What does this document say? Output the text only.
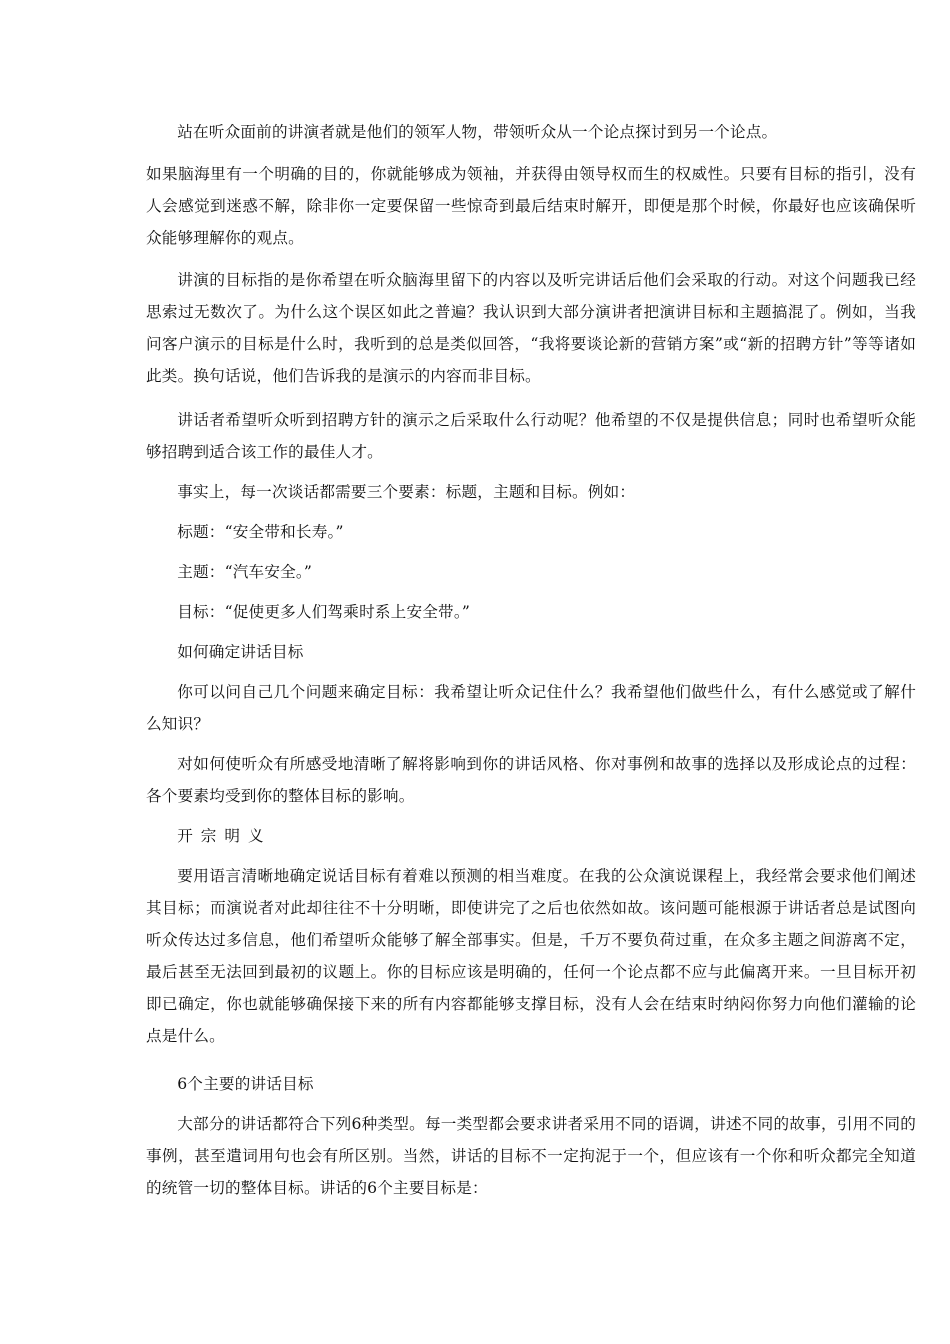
站在听众面前的讲演者就是他们的领军人物，带领听众从一个论点探讨到另一个论点。

如果脑海里有一个明确的目的，你就能够成为领袖，并获得由领导权而生的权威性。只要有目标的指引，没有人会感觉到迷惑不解，除非你一定要保留一些惊奇到最后结束时解开，即便是那个时候，你最好也应该确保听众能够理解你的观点。

讲演的目标指的是你希望在听众脑海里留下的内容以及听完讲话后他们会采取的行动。对这个问题我已经思索过无数次了。为什么这个误区如此之普遍？我认识到大部分演讲者把演讲目标和主题搞混了。例如，当我问客户演示的目标是什么时，我听到的总是类似回答，“我将要谈论新的营销方案”或“新的招聘方针”等等诸如此类。换句话说，他们告诉我的是演示的内容而非目标。

讲话者希望听众听到招聘方针的演示之后采取什么行动呢？他希望的不仅是提供信息；同时也希望听众能够招聘到适合该工作的最佳人才。

事实上，每一次谈话都需要三个要素：标题，主题和目标。例如：

标题：“安全带和长寿。”

主题：“汽车安全。”

目标：“促使更多人们驾乘时系上安全带。”

如何确定讲话目标

你可以问自己几个问题来确定目标：我希望让听众记住什么？我希望他们做些什么，有什么感觉或了解什么知识？

对如何使听众有所感受地清晰了解将影响到你的讲话风格、你对事例和故事的选择以及形成论点的过程：各个要素均受到你的整体目标的影响。

开宗明义

要用语言清晰地确定说话目标有着难以预测的相当难度。在我的公众演说课程上，我经常会要求他们阐述其目标；而演说者对此却往往不十分明晰，即使讲完了之后也依然如故。该问题可能根源于讲话者总是试图向听众传达过多信息，他们希望听众能够了解全部事实。但是，千万不要负荷过重，在众多主题之间游离不定，最后甚至无法回到最初的议题上。你的目标应该是明确的，任何一个论点都不应与此偏离开来。一旦目标开初即已确定，你也就能够确保接下来的所有内容都能够支撑目标，没有人会在结束时纳闷你努力向他们灌输的论点是什么。

6个主要的讲话目标

大部分的讲话都符合下列6种类型。每一类型都会要求讲者采用不同的语调，讲述不同的故事，引用不同的事例，甚至遣词用句也会有所区别。当然，讲话的目标不一定拘泥于一个，但应该有一个你和听众都完全知道的统管一切的整体目标。讲话的6个主要目标是：
